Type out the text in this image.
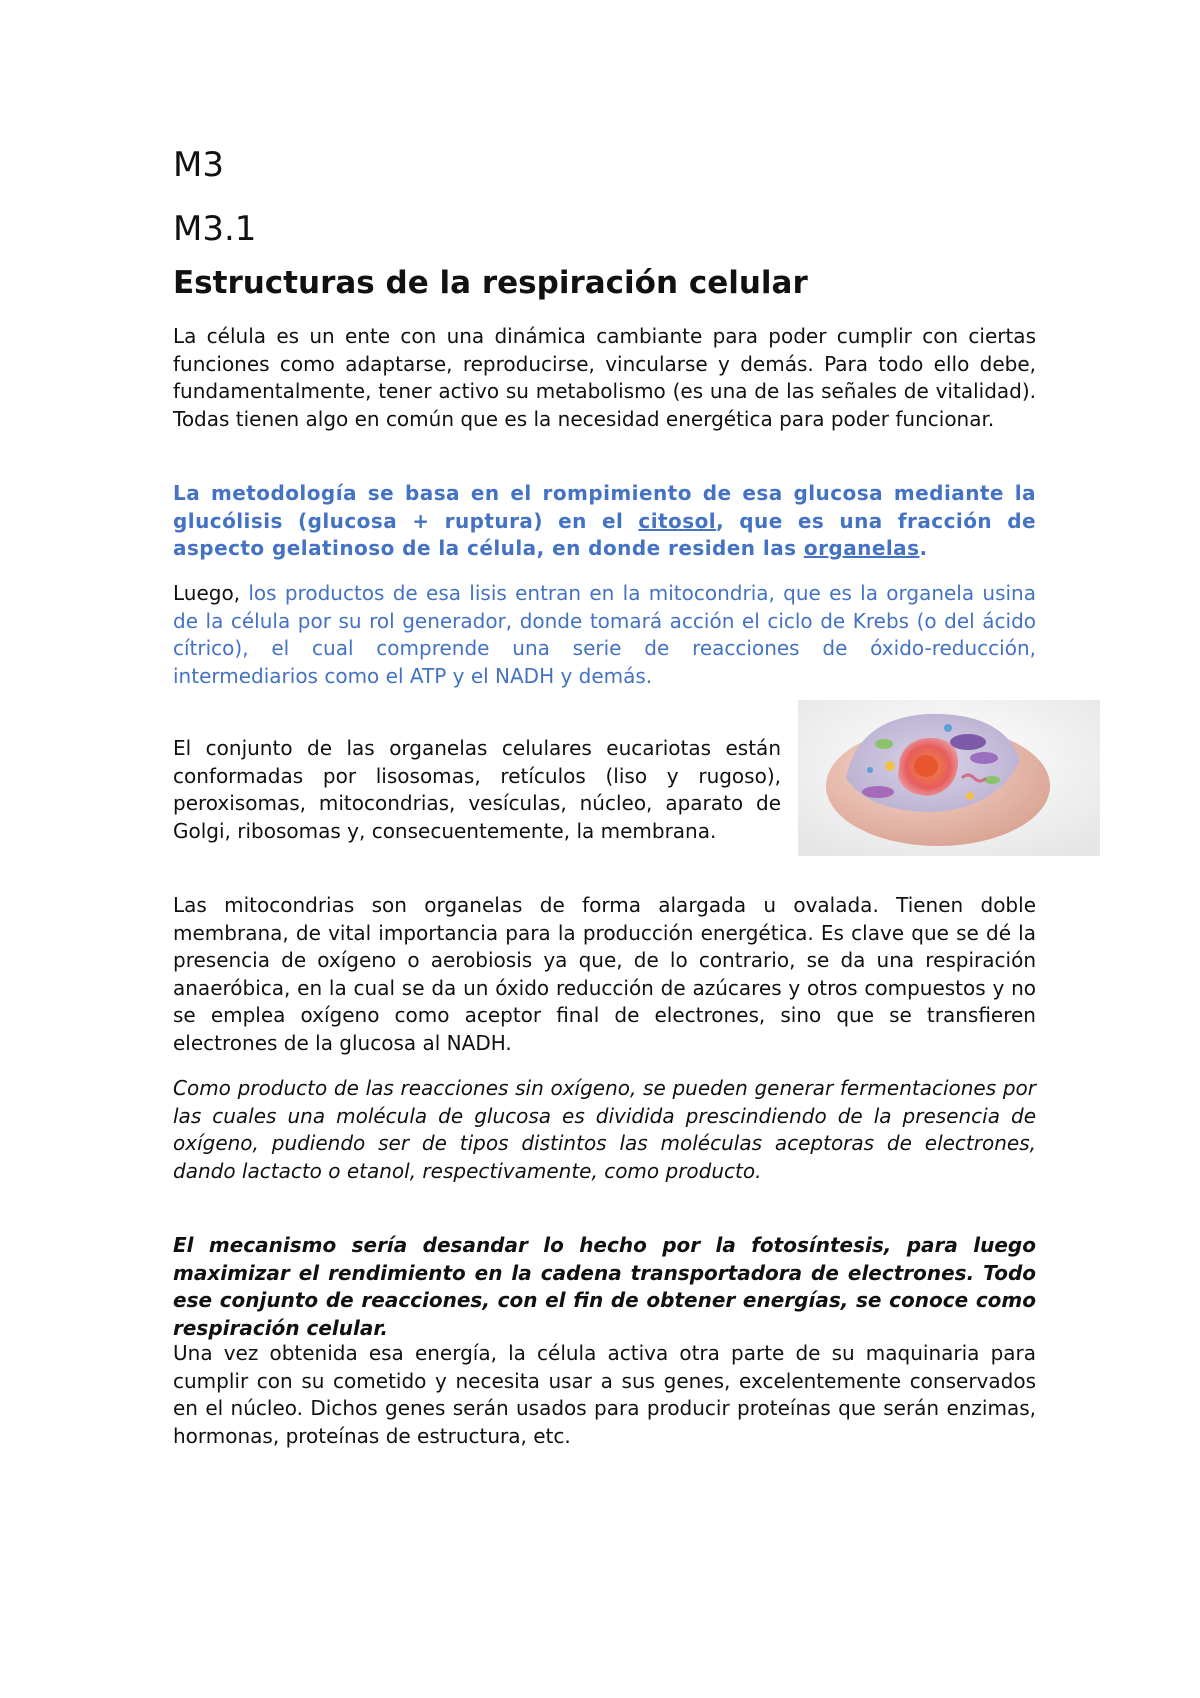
M3
M3.1
Estructuras de la respiración celular

La célula es un ente con una dinámica cambiante para poder cumplir con ciertas funciones como adaptarse, reproducirse, vincularse y demás. Para todo ello debe, fundamentalmente, tener activo su metabolismo (es una de las señales de vitalidad). Todas tienen algo en común que es la necesidad energética para poder funcionar.

La metodología se basa en el rompimiento de esa glucosa mediante la glucólisis (glucosa + ruptura) en el citosol, que es una fracción de aspecto gelatinoso de la célula, en donde residen las organelas.

Luego, los productos de esa lisis entran en la mitocondria, que es la organela usina de la célula por su rol generador, donde tomará acción el ciclo de Krebs (o del ácido cítrico), el cual comprende una serie de reacciones de óxido-reducción, intermediarios como el ATP y el NADH y demás.

El conjunto de las organelas celulares eucariotas están conformadas por lisosomas, retículos (liso y rugoso), peroxisomas, mitocondrias, vesículas, núcleo, aparato de Golgi, ribosomas y, consecuentemente, la membrana.

Las mitocondrias son organelas de forma alargada u ovalada. Tienen doble membrana, de vital importancia para la producción energética. Es clave que se dé la presencia de oxígeno o aerobiosis ya que, de lo contrario, se da una respiración anaeróbica, en la cual se da un óxido reducción de azúcares y otros compuestos y no se emplea oxígeno como aceptor final de electrones, sino que se transfieren electrones de la glucosa al NADH.

Como producto de las reacciones sin oxígeno, se pueden generar fermentaciones por las cuales una molécula de glucosa es dividida prescindiendo de la presencia de oxígeno, pudiendo ser de tipos distintos las moléculas aceptoras de electrones, dando lactacto o etanol, respectivamente, como producto.

El mecanismo sería desandar lo hecho por la fotosíntesis, para luego maximizar el rendimiento en la cadena transportadora de electrones. Todo ese conjunto de reacciones, con el fin de obtener energías, se conoce como respiración celular.

Una vez obtenida esa energía, la célula activa otra parte de su maquinaria para cumplir con su cometido y necesita usar a sus genes, excelentemente conservados en el núcleo. Dichos genes serán usados para producir proteínas que serán enzimas, hormonas, proteínas de estructura, etc.
